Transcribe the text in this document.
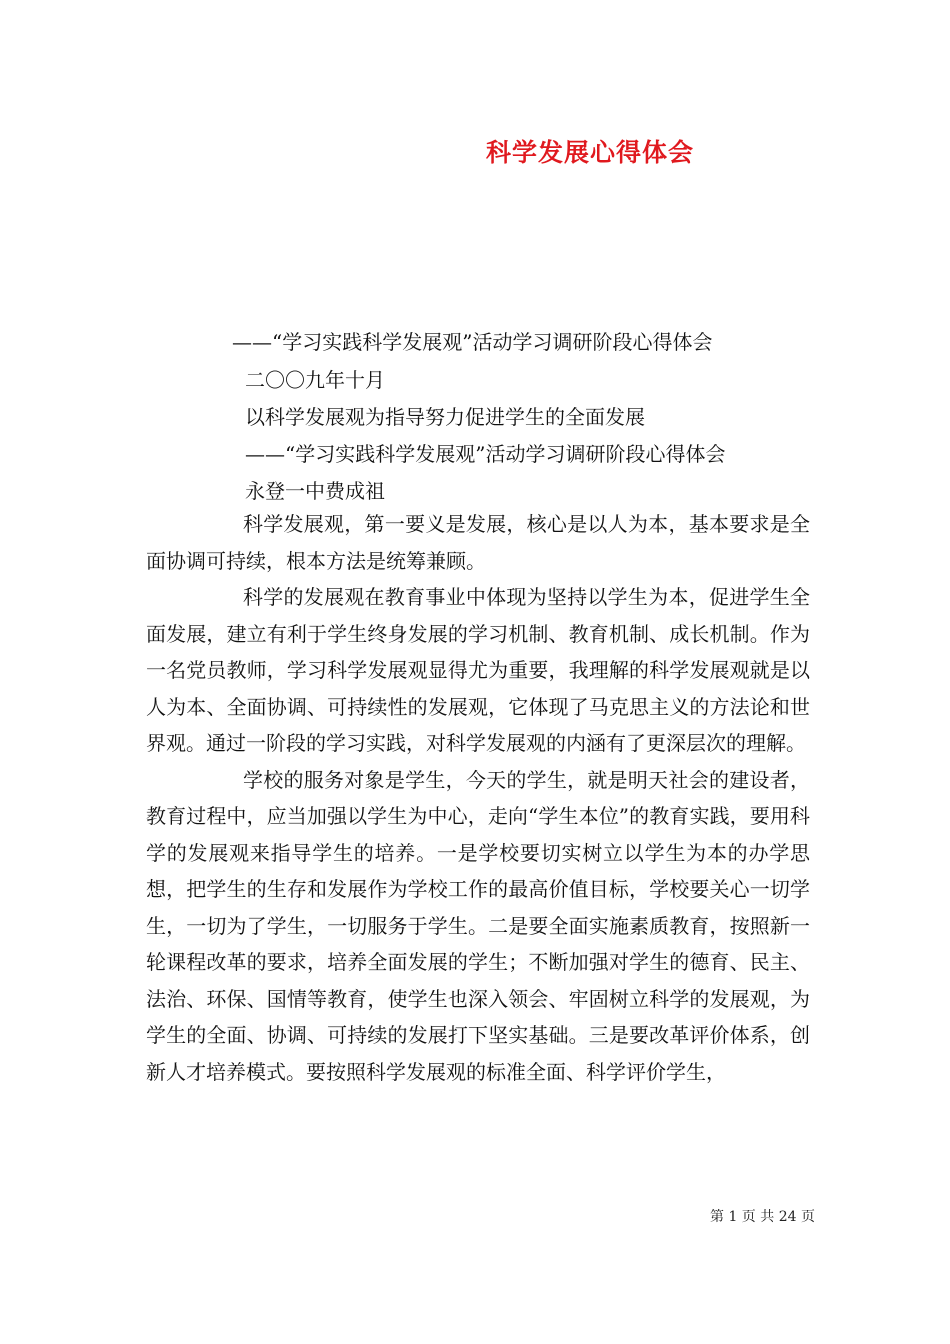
科学发展心得体会
——“学习实践科学发展观”活动学习调研阶段心得体会
二〇〇九年十月
以科学发展观为指导努力促进学生的全面发展
——“学习实践科学发展观”活动学习调研阶段心得体会
永登一中费成祖

科学发展观，第一要义是发展，核心是以人为本，基本要求是全面协调可持续，根本方法是统筹兼顾。

科学的发展观在教育事业中体现为坚持以学生为本，促进学生全面发展，建立有利于学生终身发展的学习机制、教育机制、成长机制。作为一名党员教师，学习科学发展观显得尤为重要，我理解的科学发展观就是以人为本、全面协调、可持续性的发展观，它体现了马克思主义的方法论和世界观。通过一阶段的学习实践，对科学发展观的内涵有了更深层次的理解。

学校的服务对象是学生，今天的学生，就是明天社会的建设者，教育过程中，应当加强以学生为中心，走向“学生本位”的教育实践，要用科学的发展观来指导学生的培养。一是学校要切实树立以学生为本的办学思想，把学生的生存和发展作为学校工作的最高价值目标，学校要关心一切学生，一切为了学生，一切服务于学生。二是要全面实施素质教育，按照新一轮课程改革的要求，培养全面发展的学生；不断加强对学生的德育、民主、法治、环保、国情等教育，使学生也深入领会、牢固树立科学的发展观，为学生的全面、协调、可持续的发展打下坚实基础。三是要改革评价体系，创新人才培养模式。要按照科学发展观的标准全面、科学评价学生，

第 1 页 共 24 页
